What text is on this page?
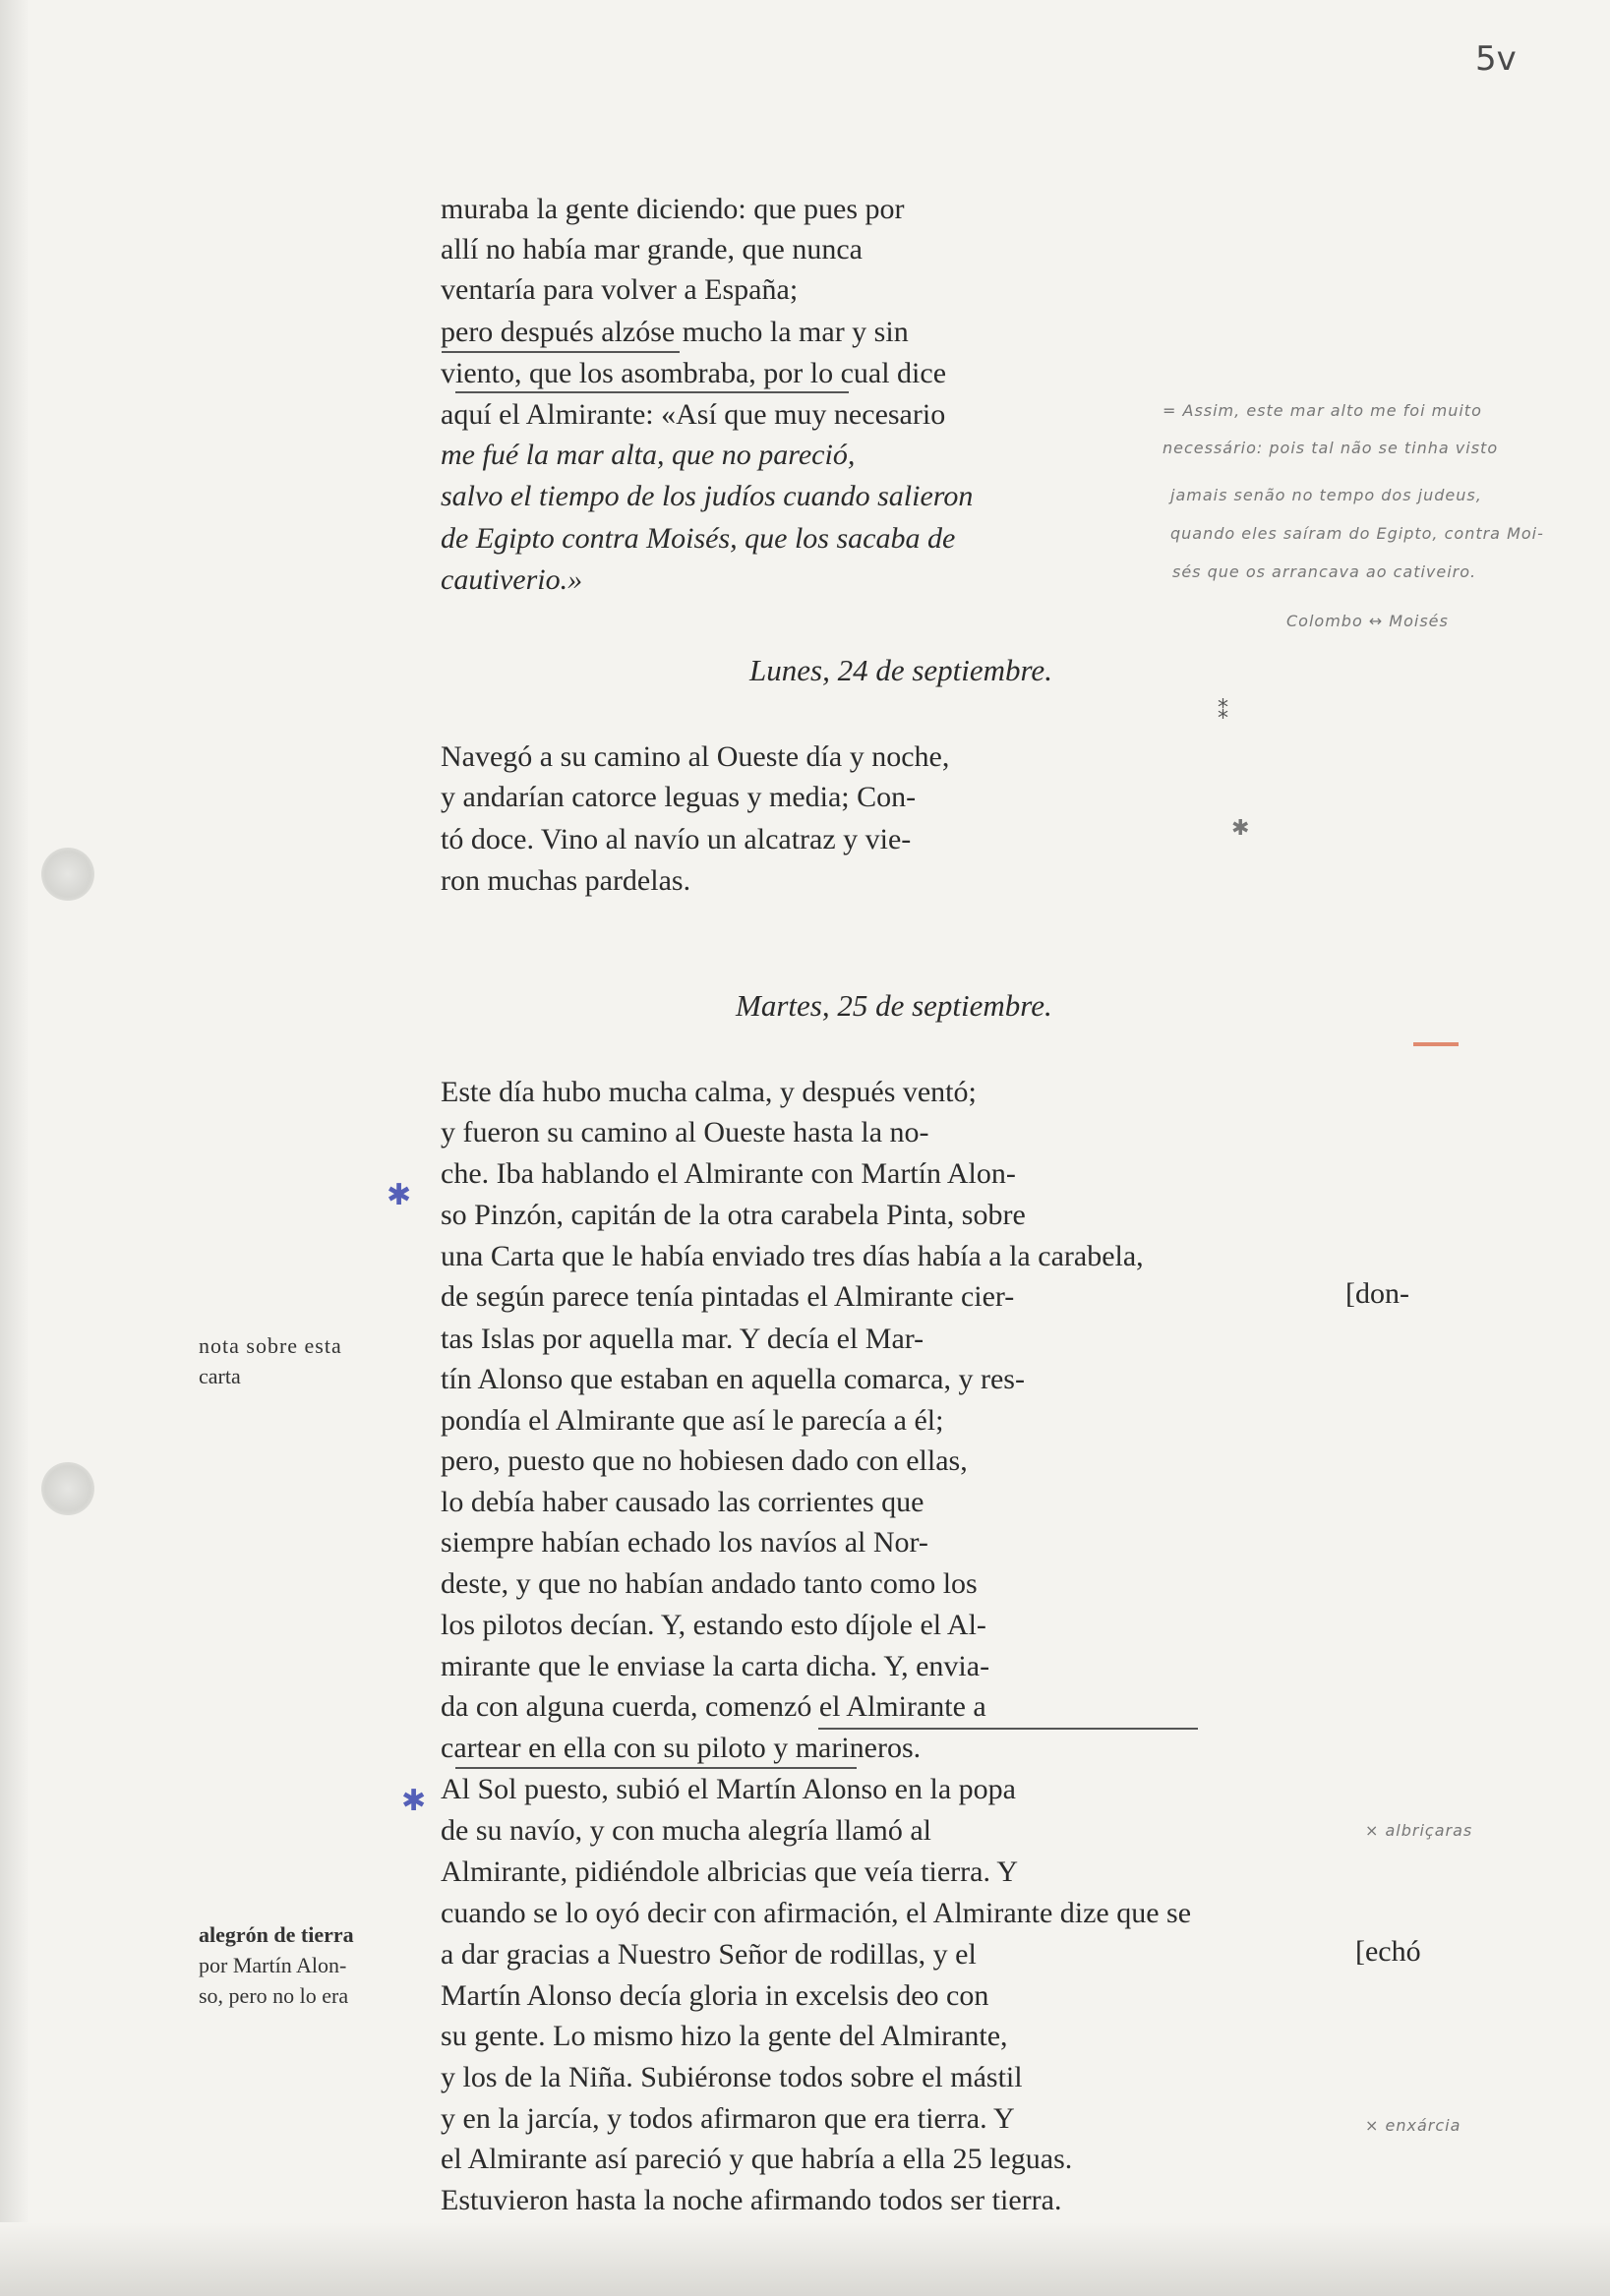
5v
muraba la gente diciendo: que pues por
allí no había mar grande, que nunca
ventaría para volver a España;
pero después alzóse mucho la mar y sin
viento, que los asombraba, por lo cual dice
aquí el Almirante: «Así que muy necesario
me fué la mar alta, que no pareció,
salvo el tiempo de los judíos cuando salieron
de Egipto contra Moisés, que los sacaba de
cautiverio.»
= Assim, este mar alto me foi muito
necessário: pois tal não se tinha visto
jamais senão no tempo dos judeus,
quando eles saíram do Egipto, contra Moi-
sés que os arrancava ao cativeiro.
Colombo ↔ Moisés
Lunes, 24 de septiembre.
Navegó a su camino al Oueste día y noche,
y andarían catorce leguas y media; Con-
tó doce. Vino al navío un alcatraz y vie-
ron muchas pardelas.
⁑
✱
Martes, 25 de septiembre.
Este día hubo mucha calma, y después ventó;
y fueron su camino al Oueste hasta la no-
che. Iba hablando el Almirante con Martín Alon-
so Pinzón, capitán de la otra carabela Pinta, sobre
una Carta que le había enviado tres días había a la carabela,
de según parece tenía pintadas el Almirante cier-
tas Islas por aquella mar. Y decía el Mar-
tín Alonso que estaban en aquella comarca, y res-
pondía el Almirante que así le parecía a él;
pero, puesto que no hobiesen dado con ellas,
lo debía haber causado las corrientes que
siempre habían echado los navíos al Nor-
deste, y que no habían andado tanto como los
los pilotos decían. Y, estando esto díjole el Al-
mirante que le enviase la carta dicha. Y, envia-
da con alguna cuerda, comenzó el Almirante a
cartear en ella con su piloto y marineros.
Al Sol puesto, subió el Martín Alonso en la popa
de su navío, y con mucha alegría llamó al
Almirante, pidiéndole albricias que veía tierra. Y
cuando se lo oyó decir con afirmación, el Almirante dize que se
a dar gracias a Nuestro Señor de rodillas, y el
Martín Alonso decía gloria in excelsis deo con
su gente. Lo mismo hizo la gente del Almirante,
y los de la Niña. Subiéronse todos sobre el mástil
y en la jarcía, y todos afirmaron que era tierra. Y
el Almirante así pareció y que habría a ella 25 leguas.
Estuvieron hasta la noche afirmando todos ser tierra.
[don-
[echó
✱
✱
nota sobre esta
carta
alegrón de tierra
por Martín Alon-
so, pero no lo era
× albriçaras
× enxárcia
